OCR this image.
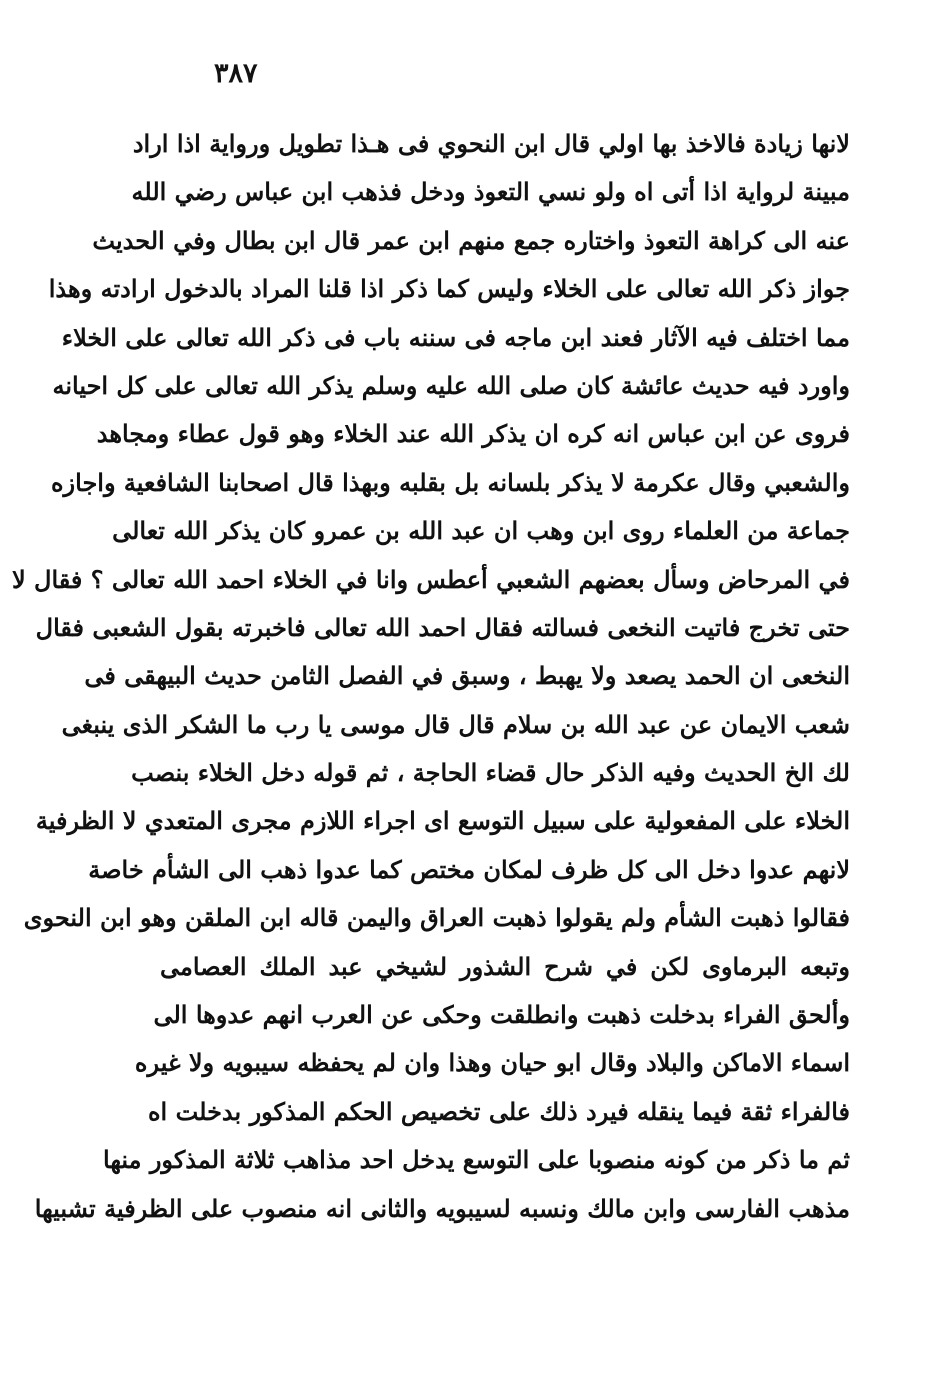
٣٨٧
لانها زيادة فالاخذ بها اولي قال ابن النحوي فى هـذا تطويل ورواية اذا اراد
مبينة لرواية اذا أتى اه ولو نسي التعوذ ودخل فذهب ابن عباس رضي الله
عنه الى كراهة التعوذ واختاره جمع منهم ابن عمر قال ابن بطال وفي الحديث
جواز ذكر الله تعالى على الخلاء وليس كما ذكر اذا قلنا المراد بالدخول ارادته وهذا
مما اختلف فيه الآثار فعند ابن ماجه فى سننه باب فى ذكر الله تعالى على الخلاء
واورد فيه حديث عائشة كان صلى الله عليه وسلم يذكر الله تعالى على كل احيانه
فروى عن ابن عباس انه كره ان يذكر الله عند الخلاء وهو قول عطاء ومجاهد
والشعبي وقال عكرمة لا يذكر بلسانه بل بقلبه وبهذا قال اصحابنا الشافعية واجازه
جماعة من العلماء روى ابن وهب ان عبد الله بن عمرو كان يذكر الله تعالى
في المرحاض وسأل بعضهم الشعبي أعطس وانا في الخلاء احمد الله تعالى ؟ فقال لا
حتى تخرج فاتيت النخعى فسالته فقال احمد الله تعالى فاخبرته بقول الشعبى فقال
النخعى ان الحمد يصعد ولا يهبط ، وسبق في الفصل الثامن حديث البيهقى فى
شعب الايمان عن عبد الله بن سلام قال قال موسى يا رب ما الشكر الذى ينبغى
لك الخ الحديث وفيه الذكر حال قضاء الحاجة ، ثم قوله دخل الخلاء بنصب
الخلاء على المفعولية على سبيل التوسع اى اجراء اللازم مجرى المتعدي لا الظرفية
لانهم عدوا دخل الى كل ظرف لمكان مختص كما عدوا ذهب الى الشأم خاصة
فقالوا ذهبت الشأم ولم يقولوا ذهبت العراق واليمن قاله ابن الملقن وهو ابن النحوى
وتبعه البرماوى لكن في شرح الشذور لشيخي عبد الملك العصامى
وألحق الفراء بدخلت ذهبت وانطلقت وحكى عن العرب انهم عدوها الى
اسماء الاماكن والبلاد وقال ابو حيان وهذا وان لم يحفظه سيبويه ولا غيره
فالفراء ثقة فيما ينقله فيرد ذلك على تخصيص الحكم المذكور بدخلت اه
ثم ما ذكر من كونه منصوبا على التوسع يدخل احد مذاهب ثلاثة المذكور منها
مذهب الفارسى وابن مالك ونسبه لسيبويه والثانى انه منصوب على الظرفية تشبيها
